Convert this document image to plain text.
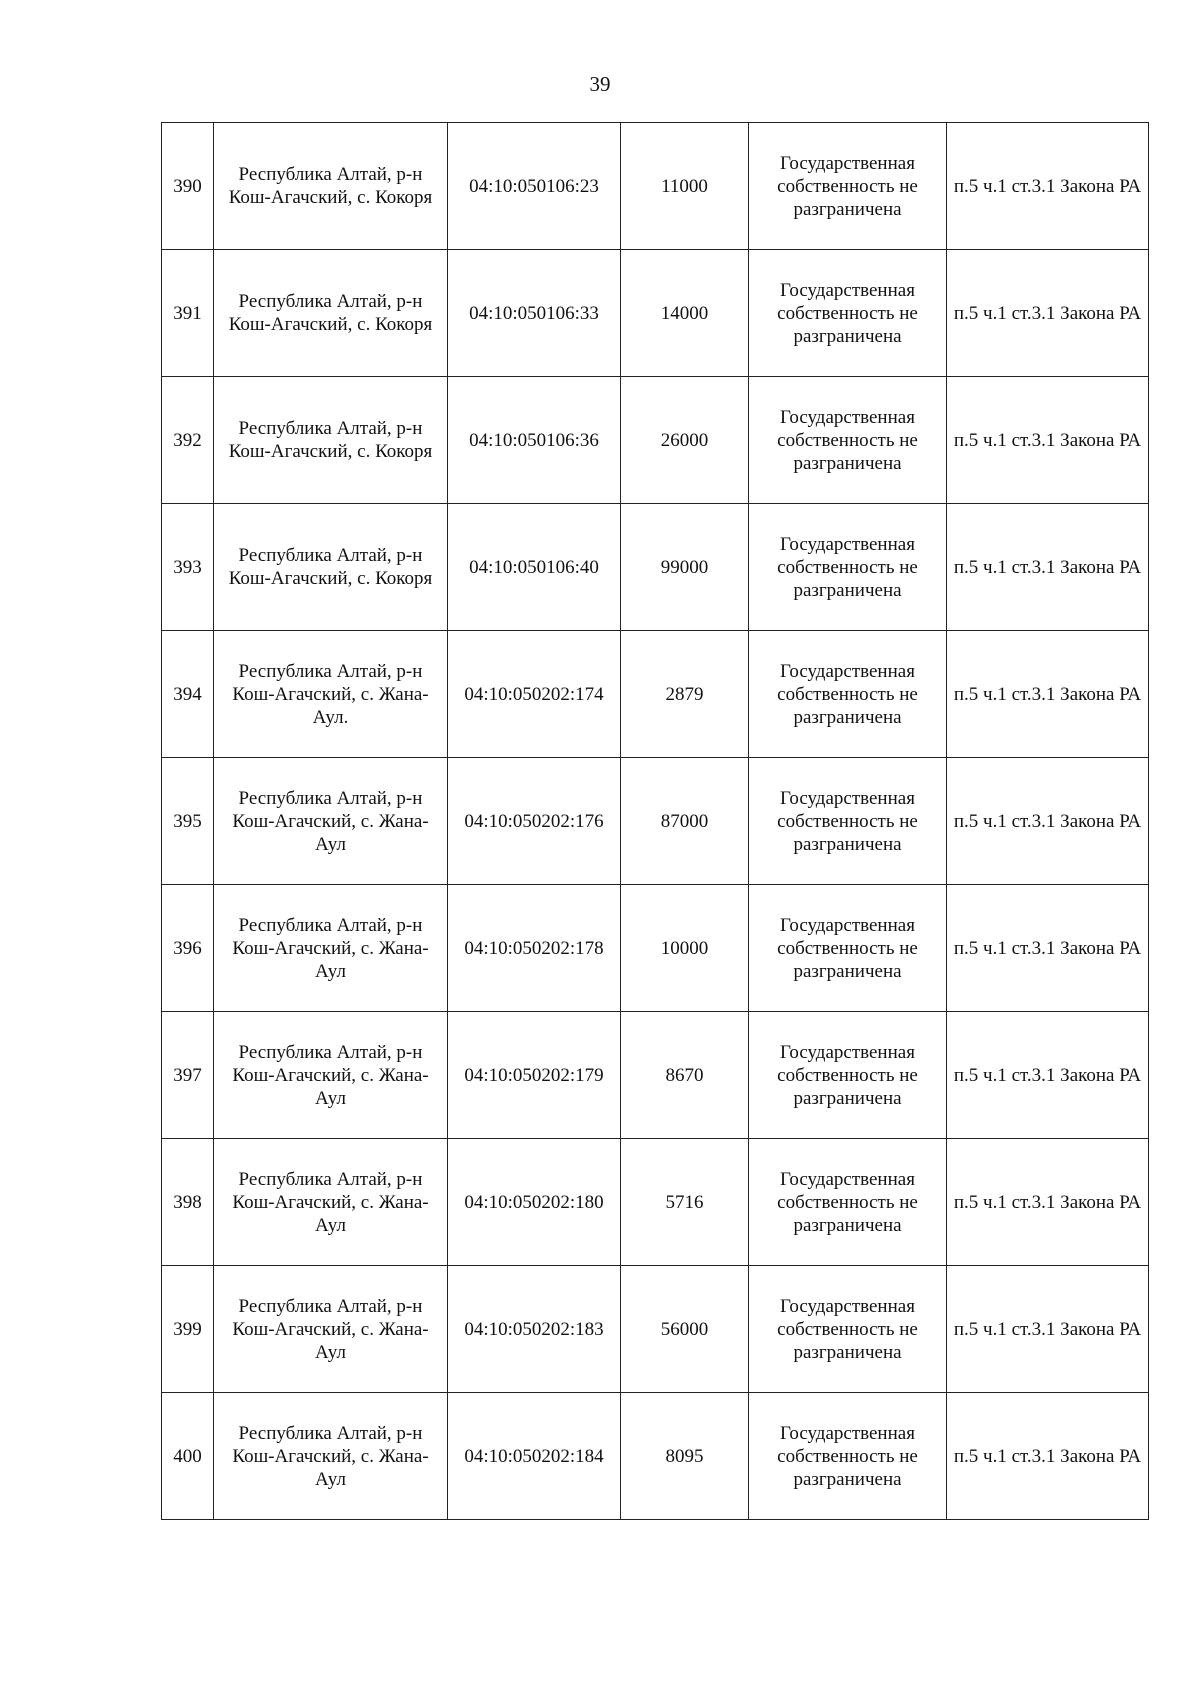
39
390	Республика Алтай, р-н Кош-Агачский, с. Кокоря	04:10:050106:23	11000	Государственная собственность не разграничена	п.5 ч.1 ст.3.1 Закона РА
391	Республика Алтай, р-н Кош-Агачский, с. Кокоря	04:10:050106:33	14000	Государственная собственность не разграничена	п.5 ч.1 ст.3.1 Закона РА
392	Республика Алтай, р-н Кош-Агачский, с. Кокоря	04:10:050106:36	26000	Государственная собственность не разграничена	п.5 ч.1 ст.3.1 Закона РА
393	Республика Алтай, р-н Кош-Агачский, с. Кокоря	04:10:050106:40	99000	Государственная собственность не разграничена	п.5 ч.1 ст.3.1 Закона РА
394	Республика Алтай, р-н Кош-Агачский, с. Жана-Аул.	04:10:050202:174	2879	Государственная собственность не разграничена	п.5 ч.1 ст.3.1 Закона РА
395	Республика Алтай, р-н Кош-Агачский, с. Жана-Аул	04:10:050202:176	87000	Государственная собственность не разграничена	п.5 ч.1 ст.3.1 Закона РА
396	Республика Алтай, р-н Кош-Агачский, с. Жана-Аул	04:10:050202:178	10000	Государственная собственность не разграничена	п.5 ч.1 ст.3.1 Закона РА
397	Республика Алтай, р-н Кош-Агачский, с. Жана-Аул	04:10:050202:179	8670	Государственная собственность не разграничена	п.5 ч.1 ст.3.1 Закона РА
398	Республика Алтай, р-н Кош-Агачский, с. Жана-Аул	04:10:050202:180	5716	Государственная собственность не разграничена	п.5 ч.1 ст.3.1 Закона РА
399	Республика Алтай, р-н Кош-Агачский, с. Жана-Аул	04:10:050202:183	56000	Государственная собственность не разграничена	п.5 ч.1 ст.3.1 Закона РА
400	Республика Алтай, р-н Кош-Агачский, с. Жана-Аул	04:10:050202:184	8095	Государственная собственность не разграничена	п.5 ч.1 ст.3.1 Закона РА
